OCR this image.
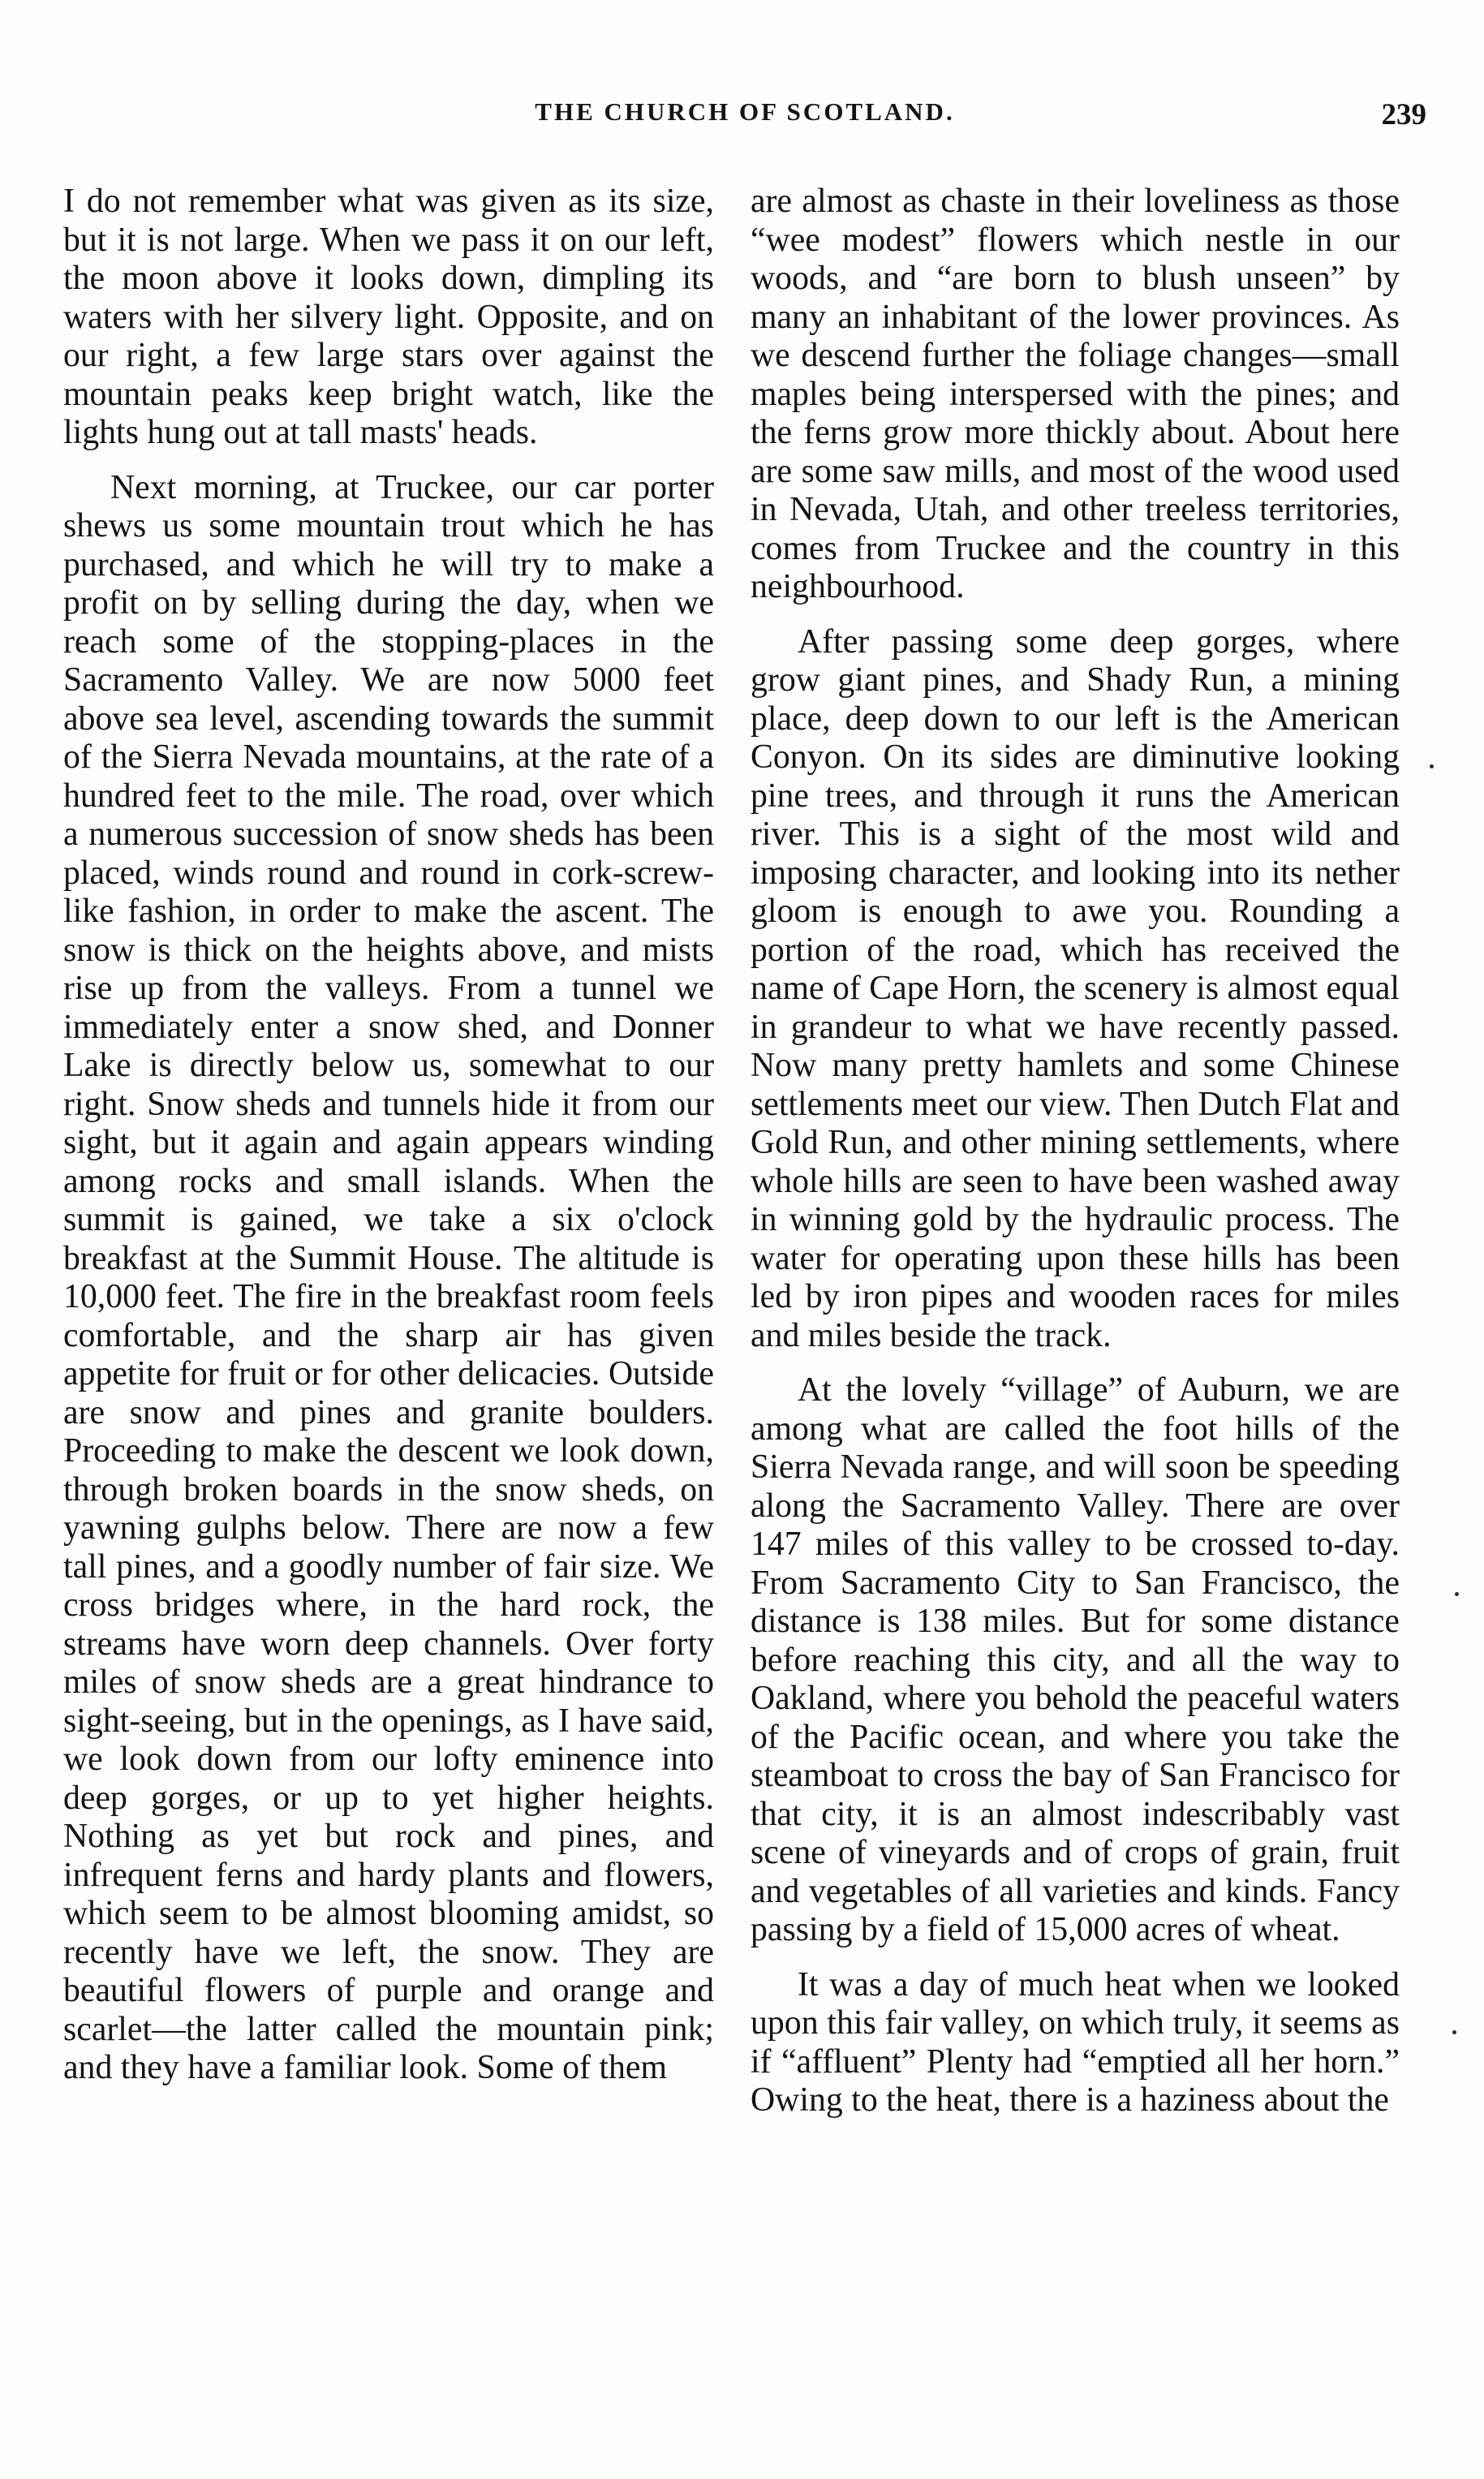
THE CHURCH OF SCOTLAND.	239

I do not remember what was given as its size, but it is not large. When we pass it on our left, the moon above it looks down, dimpling its waters with her silvery light. Opposite, and on our right, a few large stars over against the mountain peaks keep bright watch, like the lights hung out at tall masts' heads.

Next morning, at Truckee, our car porter shews us some mountain trout which he has purchased, and which he will try to make a profit on by selling during the day, when we reach some of the stopping-places in the Sacramento Valley. We are now 5000 feet above sea level, ascending towards the summit of the Sierra Nevada mountains, at the rate of a hundred feet to the mile. The road, over which a numerous succession of snow sheds has been placed, winds round and round in cork-screw-like fashion, in order to make the ascent. The snow is thick on the heights above, and mists rise up from the valleys. From a tunnel we immediately enter a snow shed, and Donner Lake is directly below us, somewhat to our right. Snow sheds and tunnels hide it from our sight, but it again and again appears winding among rocks and small islands. When the summit is gained, we take a six o'clock breakfast at the Summit House. The altitude is 10,000 feet. The fire in the breakfast room feels comfortable, and the sharp air has given appetite for fruit or for other delicacies. Outside are snow and pines and granite boulders. Proceeding to make the descent we look down, through broken boards in the snow sheds, on yawning gulphs below. There are now a few tall pines, and a goodly number of fair size. We cross bridges where, in the hard rock, the streams have worn deep channels. Over forty miles of snow sheds are a great hindrance to sight-seeing, but in the openings, as I have said, we look down from our lofty eminence into deep gorges, or up to yet higher heights. Nothing as yet but rock and pines, and infrequent ferns and hardy plants and flowers, which seem to be almost blooming amidst, so recently have we left, the snow. They are beautiful flowers of purple and orange and scarlet—the latter called the mountain pink; and they have a familiar look. Some of them

are almost as chaste in their loveliness as those “wee modest” flowers which nestle in our woods, and “are born to blush unseen” by many an inhabitant of the lower provinces. As we descend further the foliage changes—small maples being interspersed with the pines; and the ferns grow more thickly about. About here are some saw mills, and most of the wood used in Nevada, Utah, and other treeless territories, comes from Truckee and the country in this neighbourhood.

After passing some deep gorges, where grow giant pines, and Shady Run, a mining place, deep down to our left is the American Conyon. On its sides are diminutive looking pine trees, and through it runs the American river. This is a sight of the most wild and imposing character, and looking into its nether gloom is enough to awe you. Rounding a portion of the road, which has received the name of Cape Horn, the scenery is almost equal in grandeur to what we have recently passed. Now many pretty hamlets and some Chinese settlements meet our view. Then Dutch Flat and Gold Run, and other mining settlements, where whole hills are seen to have been washed away in winning gold by the hydraulic process. The water for operating upon these hills has been led by iron pipes and wooden races for miles and miles beside the track.

At the lovely “village” of Auburn, we are among what are called the foot hills of the Sierra Nevada range, and will soon be speeding along the Sacramento Valley. There are over 147 miles of this valley to be crossed to-day. From Sacramento City to San Francisco, the distance is 138 miles. But for some distance before reaching this city, and all the way to Oakland, where you behold the peaceful waters of the Pacific ocean, and where you take the steamboat to cross the bay of San Francisco for that city, it is an almost indescribably vast scene of vineyards and of crops of grain, fruit and vegetables of all varieties and kinds. Fancy passing by a field of 15,000 acres of wheat.

It was a day of much heat when we looked upon this fair valley, on which truly, it seems as if “affluent” Plenty had “emptied all her horn.” Owing to the heat, there is a haziness about the
